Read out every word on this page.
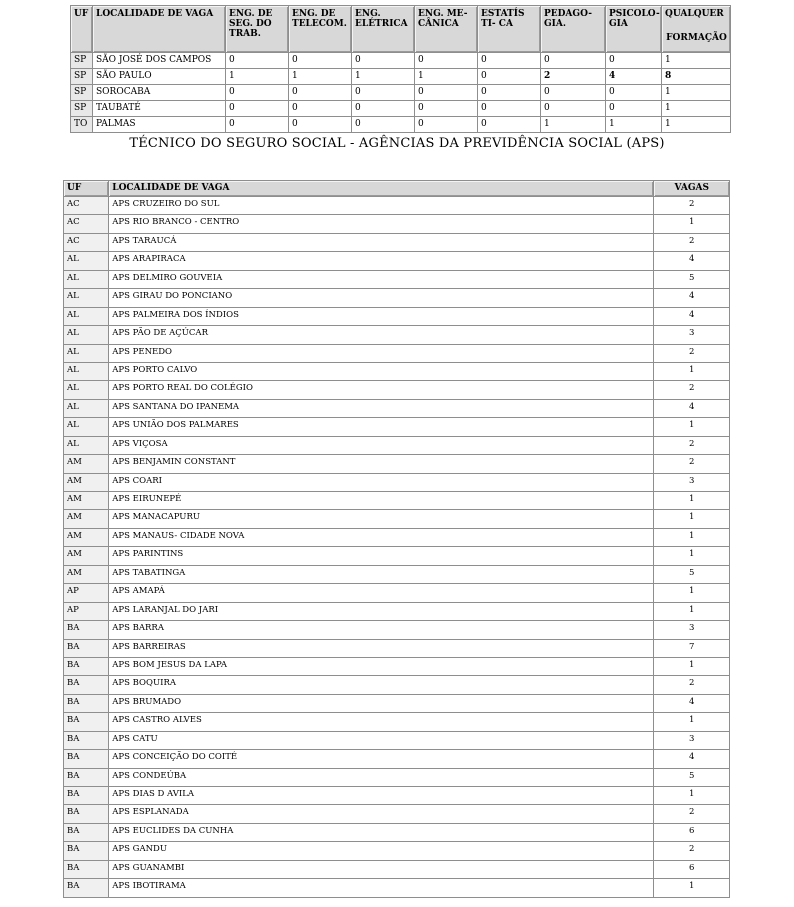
UF	LOCALIDADE DE VAGA	ENG. DE SEG. DO TRAB.	ENG. DE TELECOM.	ENG. ELÉTRICA	ENG. ME- CÂNICA	ESTATÍS TI- CA	PEDAGO- GIA.	PSICOLO- GIA	QUALQUER
FORMAÇÃO

SP	SÃO JOSÉ DOS CAMPOS	0	0	0	0	0	0	0	1
SP	SÃO PAULO	1	1	1	1	0	2	4	8
SP	SOROCABA	0	0	0	0	0	0	0	1
SP	TAUBATÉ	0	0	0	0	0	0	0	1
TO	PALMAS	0	0	0	0	0	1	1	1
TÉCNICO DO SEGURO SOCIAL - AGÊNCIAS DA PREVIDÊNCIA SOCIAL (APS)
UF	LOCALIDADE DE VAGA	VAGAS
AC	APS CRUZEIRO DO SUL	2
AC	APS RIO BRANCO - CENTRO	1
AC	APS TARAUCÁ	2
AL	APS ARAPIRACA	4
AL	APS DELMIRO GOUVEIA	5
AL	APS GIRAU DO PONCIANO	4
AL	APS PALMEIRA DOS ÍNDIOS	4
AL	APS PÃO DE AÇÚCAR	3
AL	APS PENEDO	2
AL	APS PORTO CALVO	1
AL	APS PORTO REAL DO COLÉGIO	2
AL	APS SANTANA DO IPANEMA	4
AL	APS UNIÃO DOS PALMARES	1
AL	APS VIÇOSA	2
AM	APS BENJAMIN CONSTANT	2
AM	APS COARI	3
AM	APS EIRUNEPÉ	1
AM	APS MANACAPURU	1
AM	APS MANAUS- CIDADE NOVA	1
AM	APS PARINTINS	1
AM	APS TABATINGA	5
AP	APS AMAPÁ	1
AP	APS LARANJAL DO JARI	1
BA	APS BARRA	3
BA	APS BARREIRAS	7
BA	APS BOM JESUS DA LAPA	1
BA	APS BOQUIRA	2
BA	APS BRUMADO	4
BA	APS CASTRO ALVES	1
BA	APS CATU	3
BA	APS CONCEIÇÃO DO COITÉ	4
BA	APS CONDEÚBA	5
BA	APS DIAS D AVILA	1
BA	APS ESPLANADA	2
BA	APS EUCLIDES DA CUNHA	6
BA	APS GANDU	2
BA	APS GUANAMBI	6
BA	APS IBOTIRAMA	1
